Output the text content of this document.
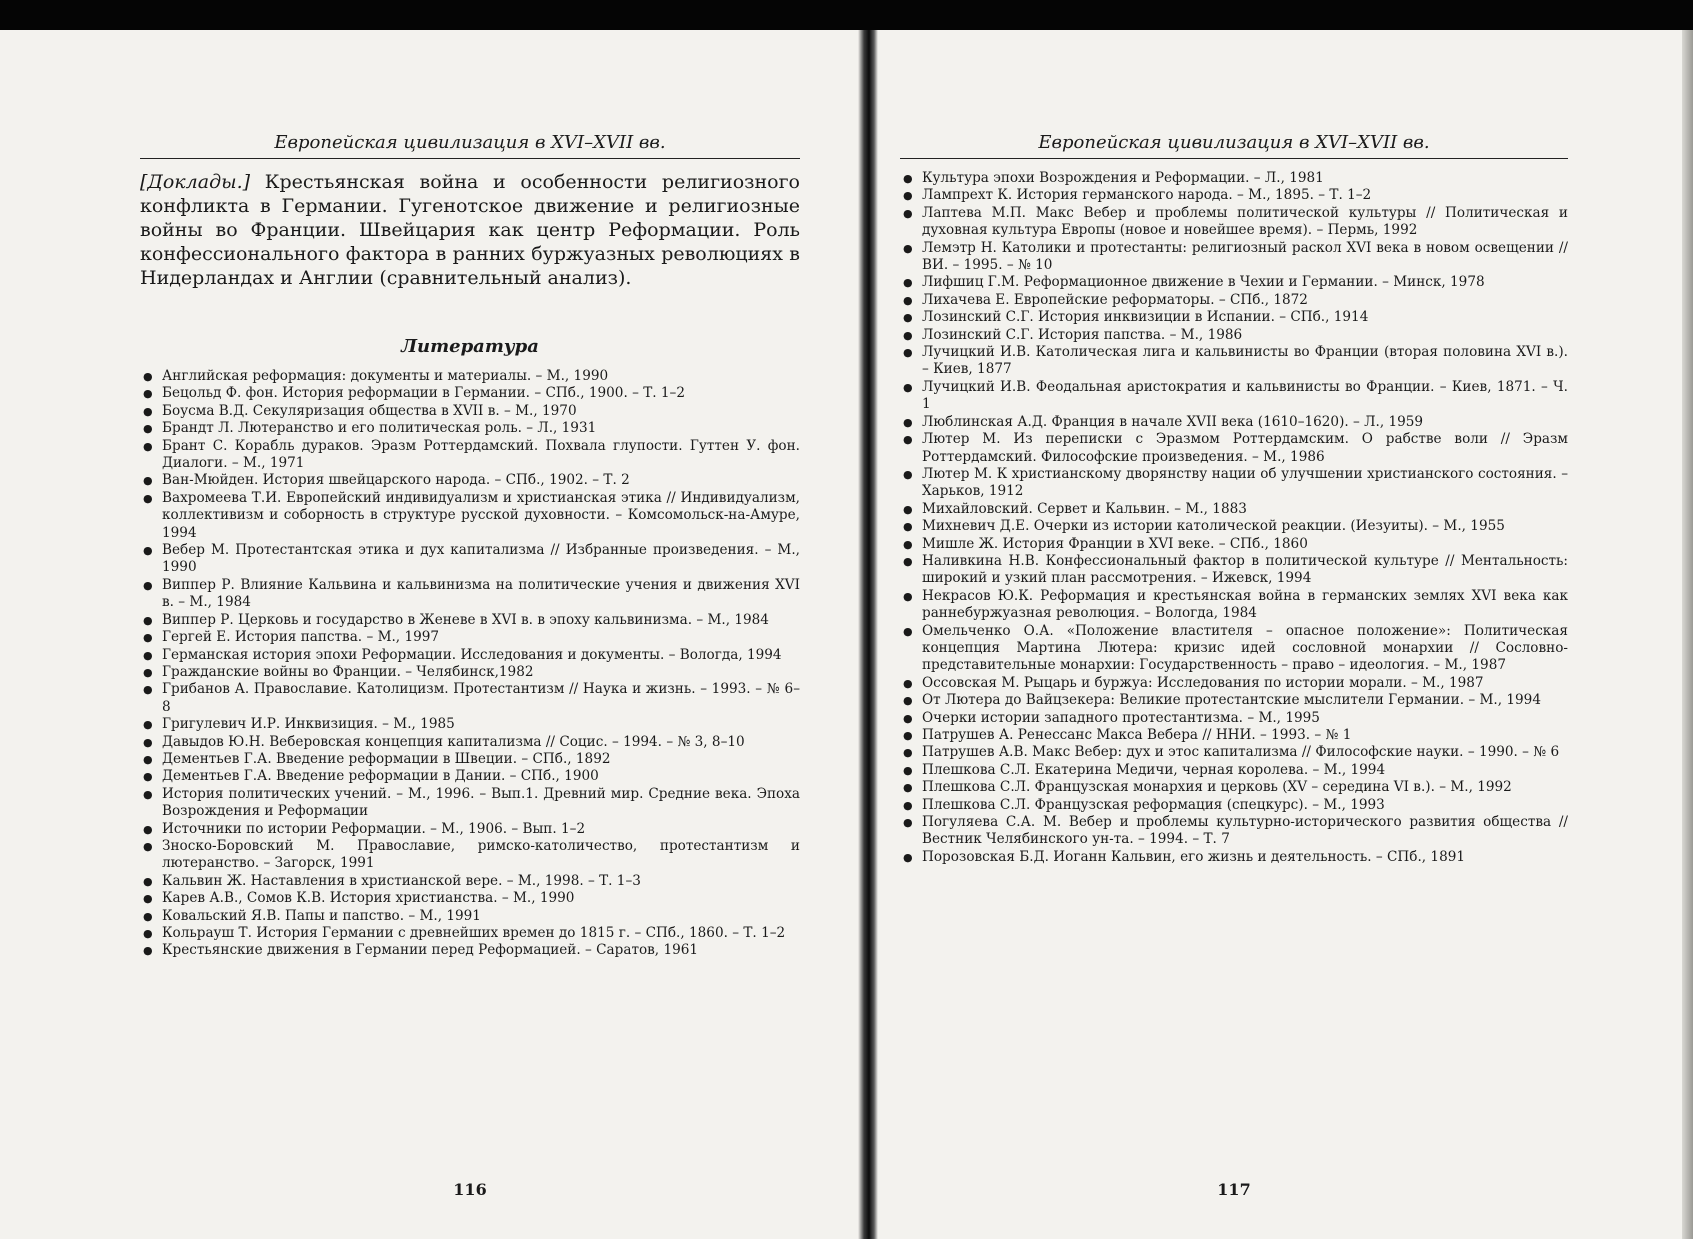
Европейская цивилизация в XVI–XVII вв.
[Доклады.] Крестьянская война и особенности религиозного конфликта в Германии. Гугенотское движение и религиозные войны во Франции. Швейцария как центр Реформации. Роль конфессионального фактора в ранних буржуазных революциях в Нидерландах и Англии (сравнительный анализ).
Литература
● Английская реформация: документы и материалы. – М., 1990
● Бецольд Ф. фон. История реформации в Германии. – СПб., 1900. – Т. 1–2
● Боусма В.Д. Секуляризация общества в XVII в. – М., 1970
● Брандт Л. Лютеранство и его политическая роль. – Л., 1931
● Брант С. Корабль дураков. Эразм Роттердамский. Похвала глупости. Гуттен У. фон. Диалоги. – М., 1971
● Ван-Мюйден. История швейцарского народа. – СПб., 1902. – Т. 2
● Вахромеева Т.И. Европейский индивидуализм и христианская этика // Индивидуализм, коллективизм и соборность в структуре русской духовности. – Комсомольск-на-Амуре, 1994
● Вебер М. Протестантская этика и дух капитализма // Избранные произведения. – М., 1990
● Виппер Р. Влияние Кальвина и кальвинизма на политические учения и движения XVI в. – М., 1984
● Виппер Р. Церковь и государство в Женеве в XVI в. в эпоху кальвинизма. – М., 1984
● Гергей Е. История папства. – М., 1997
● Германская история эпохи Реформации. Исследования и документы. – Вологда, 1994
● Гражданские войны во Франции. – Челябинск,1982
● Грибанов А. Православие. Католицизм. Протестантизм // Наука и жизнь. – 1993. – № 6–8
● Григулевич И.Р. Инквизиция. – М., 1985
● Давыдов Ю.Н. Веберовская концепция капитализма // Социс. – 1994. – № 3, 8–10
● Дементьев Г.А. Введение реформации в Швеции. – СПб., 1892
● Дементьев Г.А. Введение реформации в Дании. – СПб., 1900
● История политических учений. – М., 1996. – Вып.1. Древний мир. Средние века. Эпоха Возрождения и Реформации
● Источники по истории Реформации. – М., 1906. – Вып. 1–2
● Зноско-Боровский М. Православие, римско-католичество, протестантизм и лютеранство. – Загорск, 1991
● Кальвин Ж. Наставления в христианской вере. – М., 1998. – Т. 1–3
● Карев А.В., Сомов К.В. История христианства. – М., 1990
● Ковальский Я.В. Папы и папство. – М., 1991
● Кольрауш Т. История Германии с древнейших времен до 1815 г. – СПб., 1860. – Т. 1–2
● Крестьянские движения в Германии перед Реформацией. – Саратов, 1961
116
Европейская цивилизация в XVI–XVII вв.
● Культура эпохи Возрождения и Реформации. – Л., 1981
● Лампрехт К. История германского народа. – М., 1895. – Т. 1–2
● Лаптева М.П. Макс Вебер и проблемы политической культуры // Политическая и духовная культура Европы (новое и новейшее время). – Пермь, 1992
● Лемэтр Н. Католики и протестанты: религиозный раскол XVI века в новом освещении // ВИ. – 1995. – № 10
● Лифшиц Г.М. Реформационное движение в Чехии и Германии. – Минск, 1978
● Лихачева Е. Европейские реформаторы. – СПб., 1872
● Лозинский С.Г. История инквизиции в Испании. – СПб., 1914
● Лозинский С.Г. История папства. – М., 1986
● Лучицкий И.В. Католическая лига и кальвинисты во Франции (вторая половина XVI в.). – Киев, 1877
● Лучицкий И.В. Феодальная аристократия и кальвинисты во Франции. – Киев, 1871. – Ч. 1
● Люблинская А.Д. Франция в начале XVII века (1610–1620). – Л., 1959
● Лютер М. Из переписки с Эразмом Роттердамским. О рабстве воли // Эразм Роттердамский. Философские произведения. – М., 1986
● Лютер М. К христианскому дворянству нации об улучшении христианского состояния. – Харьков, 1912
● Михайловский. Сервет и Кальвин. – М., 1883
● Михневич Д.Е. Очерки из истории католической реакции. (Иезуиты). – М., 1955
● Мишле Ж. История Франции в XVI веке. – СПб., 1860
● Наливкина Н.В. Конфессиональный фактор в политической культуре // Ментальность: широкий и узкий план рассмотрения. – Ижевск, 1994
● Некрасов Ю.К. Реформация и крестьянская война в германских землях XVI века как раннебуржуазная революция. – Вологда, 1984
● Омельченко О.А. «Положение властителя – опасное положение»: Политическая концепция Мартина Лютера: кризис идей сословной монархии // Сословно-представительные монархии: Государственность – право – идеология. – М., 1987
● Оссовская М. Рыцарь и буржуа: Исследования по истории морали. – М., 1987
● От Лютера до Вайцзекера: Великие протестантские мыслители Германии. – М., 1994
● Очерки истории западного протестантизма. – М., 1995
● Патрушев А. Ренессанс Макса Вебера // ННИ. – 1993. – № 1
● Патрушев А.В. Макс Вебер: дух и этос капитализма // Философские науки. – 1990. – № 6
● Плешкова С.Л. Екатерина Медичи, черная королева. – М., 1994
● Плешкова С.Л. Французская монархия и церковь (XV – середина VI в.). – М., 1992
● Плешкова С.Л. Французская реформация (спецкурс). – М., 1993
● Погуляева С.А. М. Вебер и проблемы культурно-исторического развития общества // Вестник Челябинского ун-та. – 1994. – Т. 7
● Порозовская Б.Д. Иоганн Кальвин, его жизнь и деятельность. – СПб., 1891
117
